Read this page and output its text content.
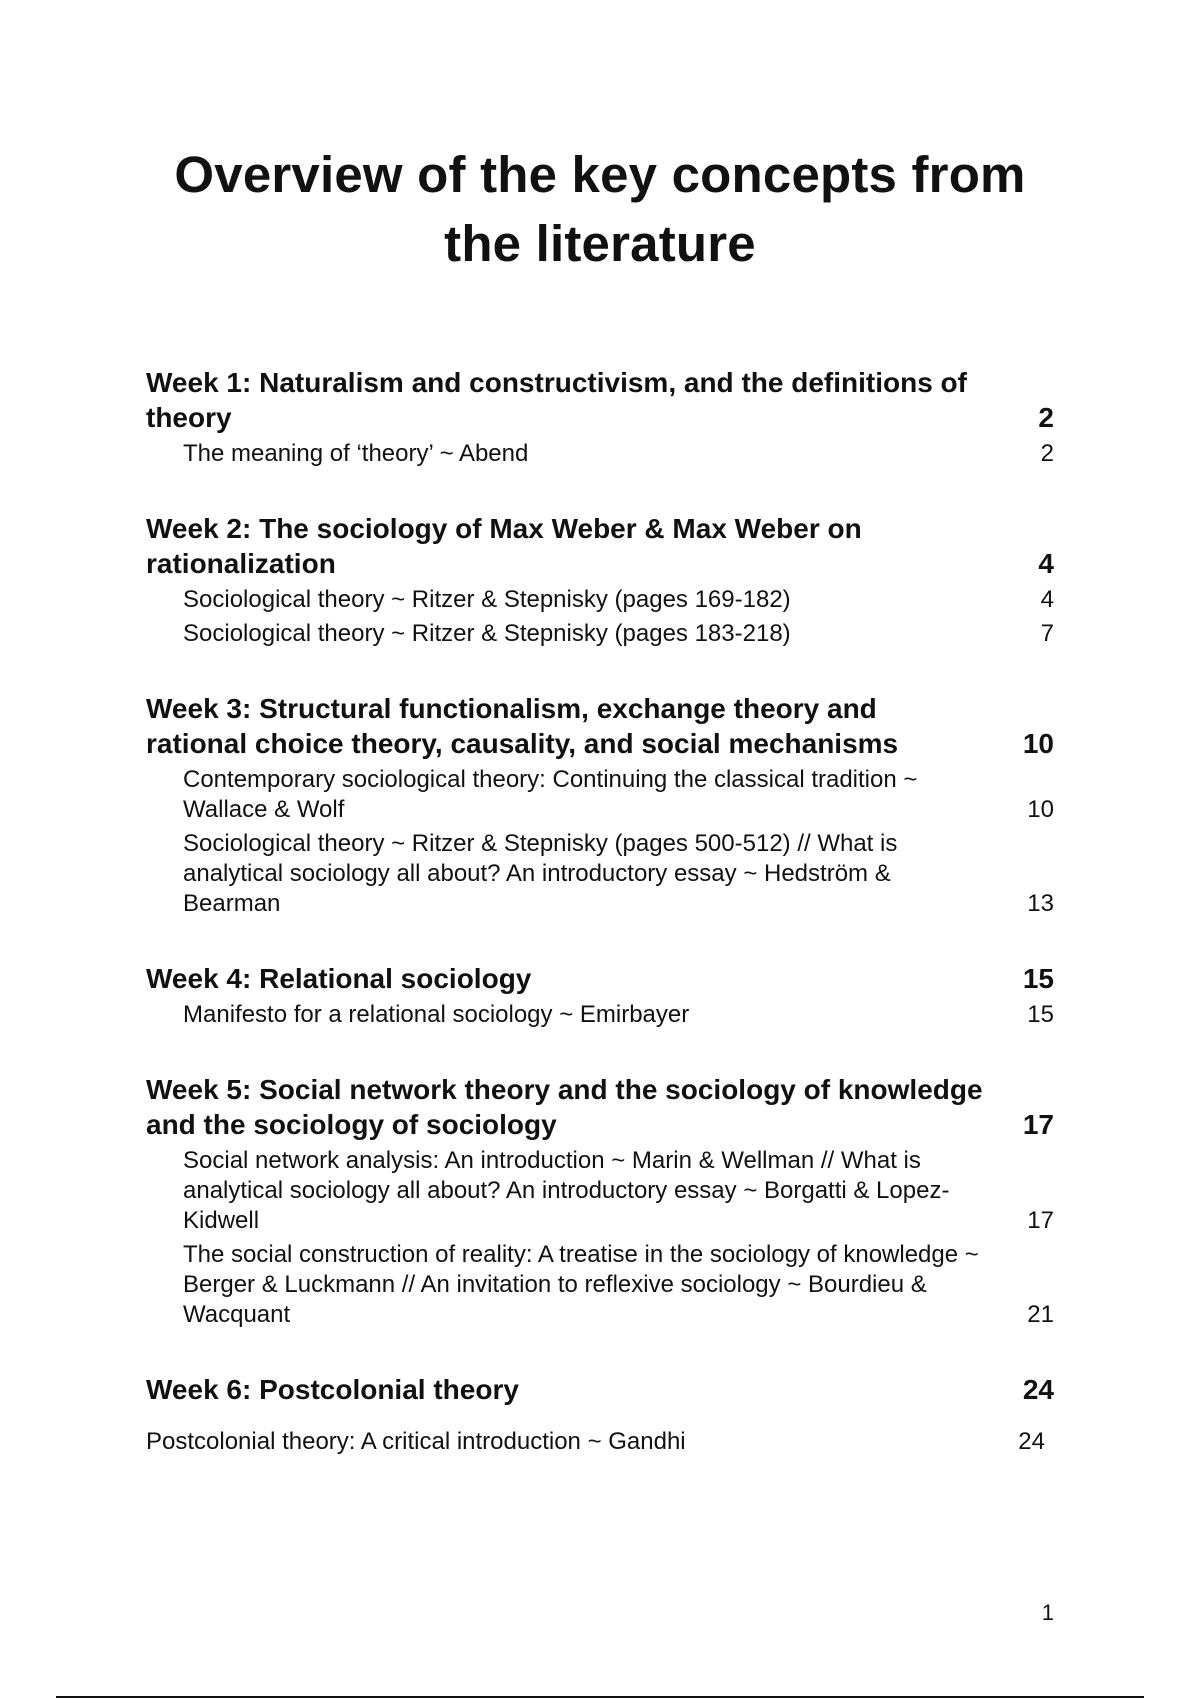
Overview of the key concepts from the literature
Week 1: Naturalism and constructivism, and the definitions of theory	2
The meaning of ‘theory’ ~ Abend	2
Week 2: The sociology of Max Weber & Max Weber on rationalization	4
Sociological theory ~ Ritzer & Stepnisky (pages 169-182)	4
Sociological theory ~ Ritzer & Stepnisky (pages 183-218)	7
Week 3: Structural functionalism, exchange theory and rational choice theory, causality, and social mechanisms	10
Contemporary sociological theory: Continuing the classical tradition ~ Wallace & Wolf	10
Sociological theory ~ Ritzer & Stepnisky (pages 500-512) // What is analytical sociology all about? An introductory essay ~ Hedström & Bearman	13
Week 4: Relational sociology	15
Manifesto for a relational sociology ~ Emirbayer	15
Week 5: Social network theory and the sociology of knowledge and the sociology of sociology	17
Social network analysis: An introduction ~ Marin & Wellman // What is analytical sociology all about? An introductory essay ~ Borgatti & Lopez-Kidwell	17
The social construction of reality: A treatise in the sociology of knowledge ~ Berger & Luckmann // An invitation to reflexive sociology ~ Bourdieu & Wacquant	21
Week 6: Postcolonial theory	24
Postcolonial theory: A critical introduction ~ Gandhi	24
1
